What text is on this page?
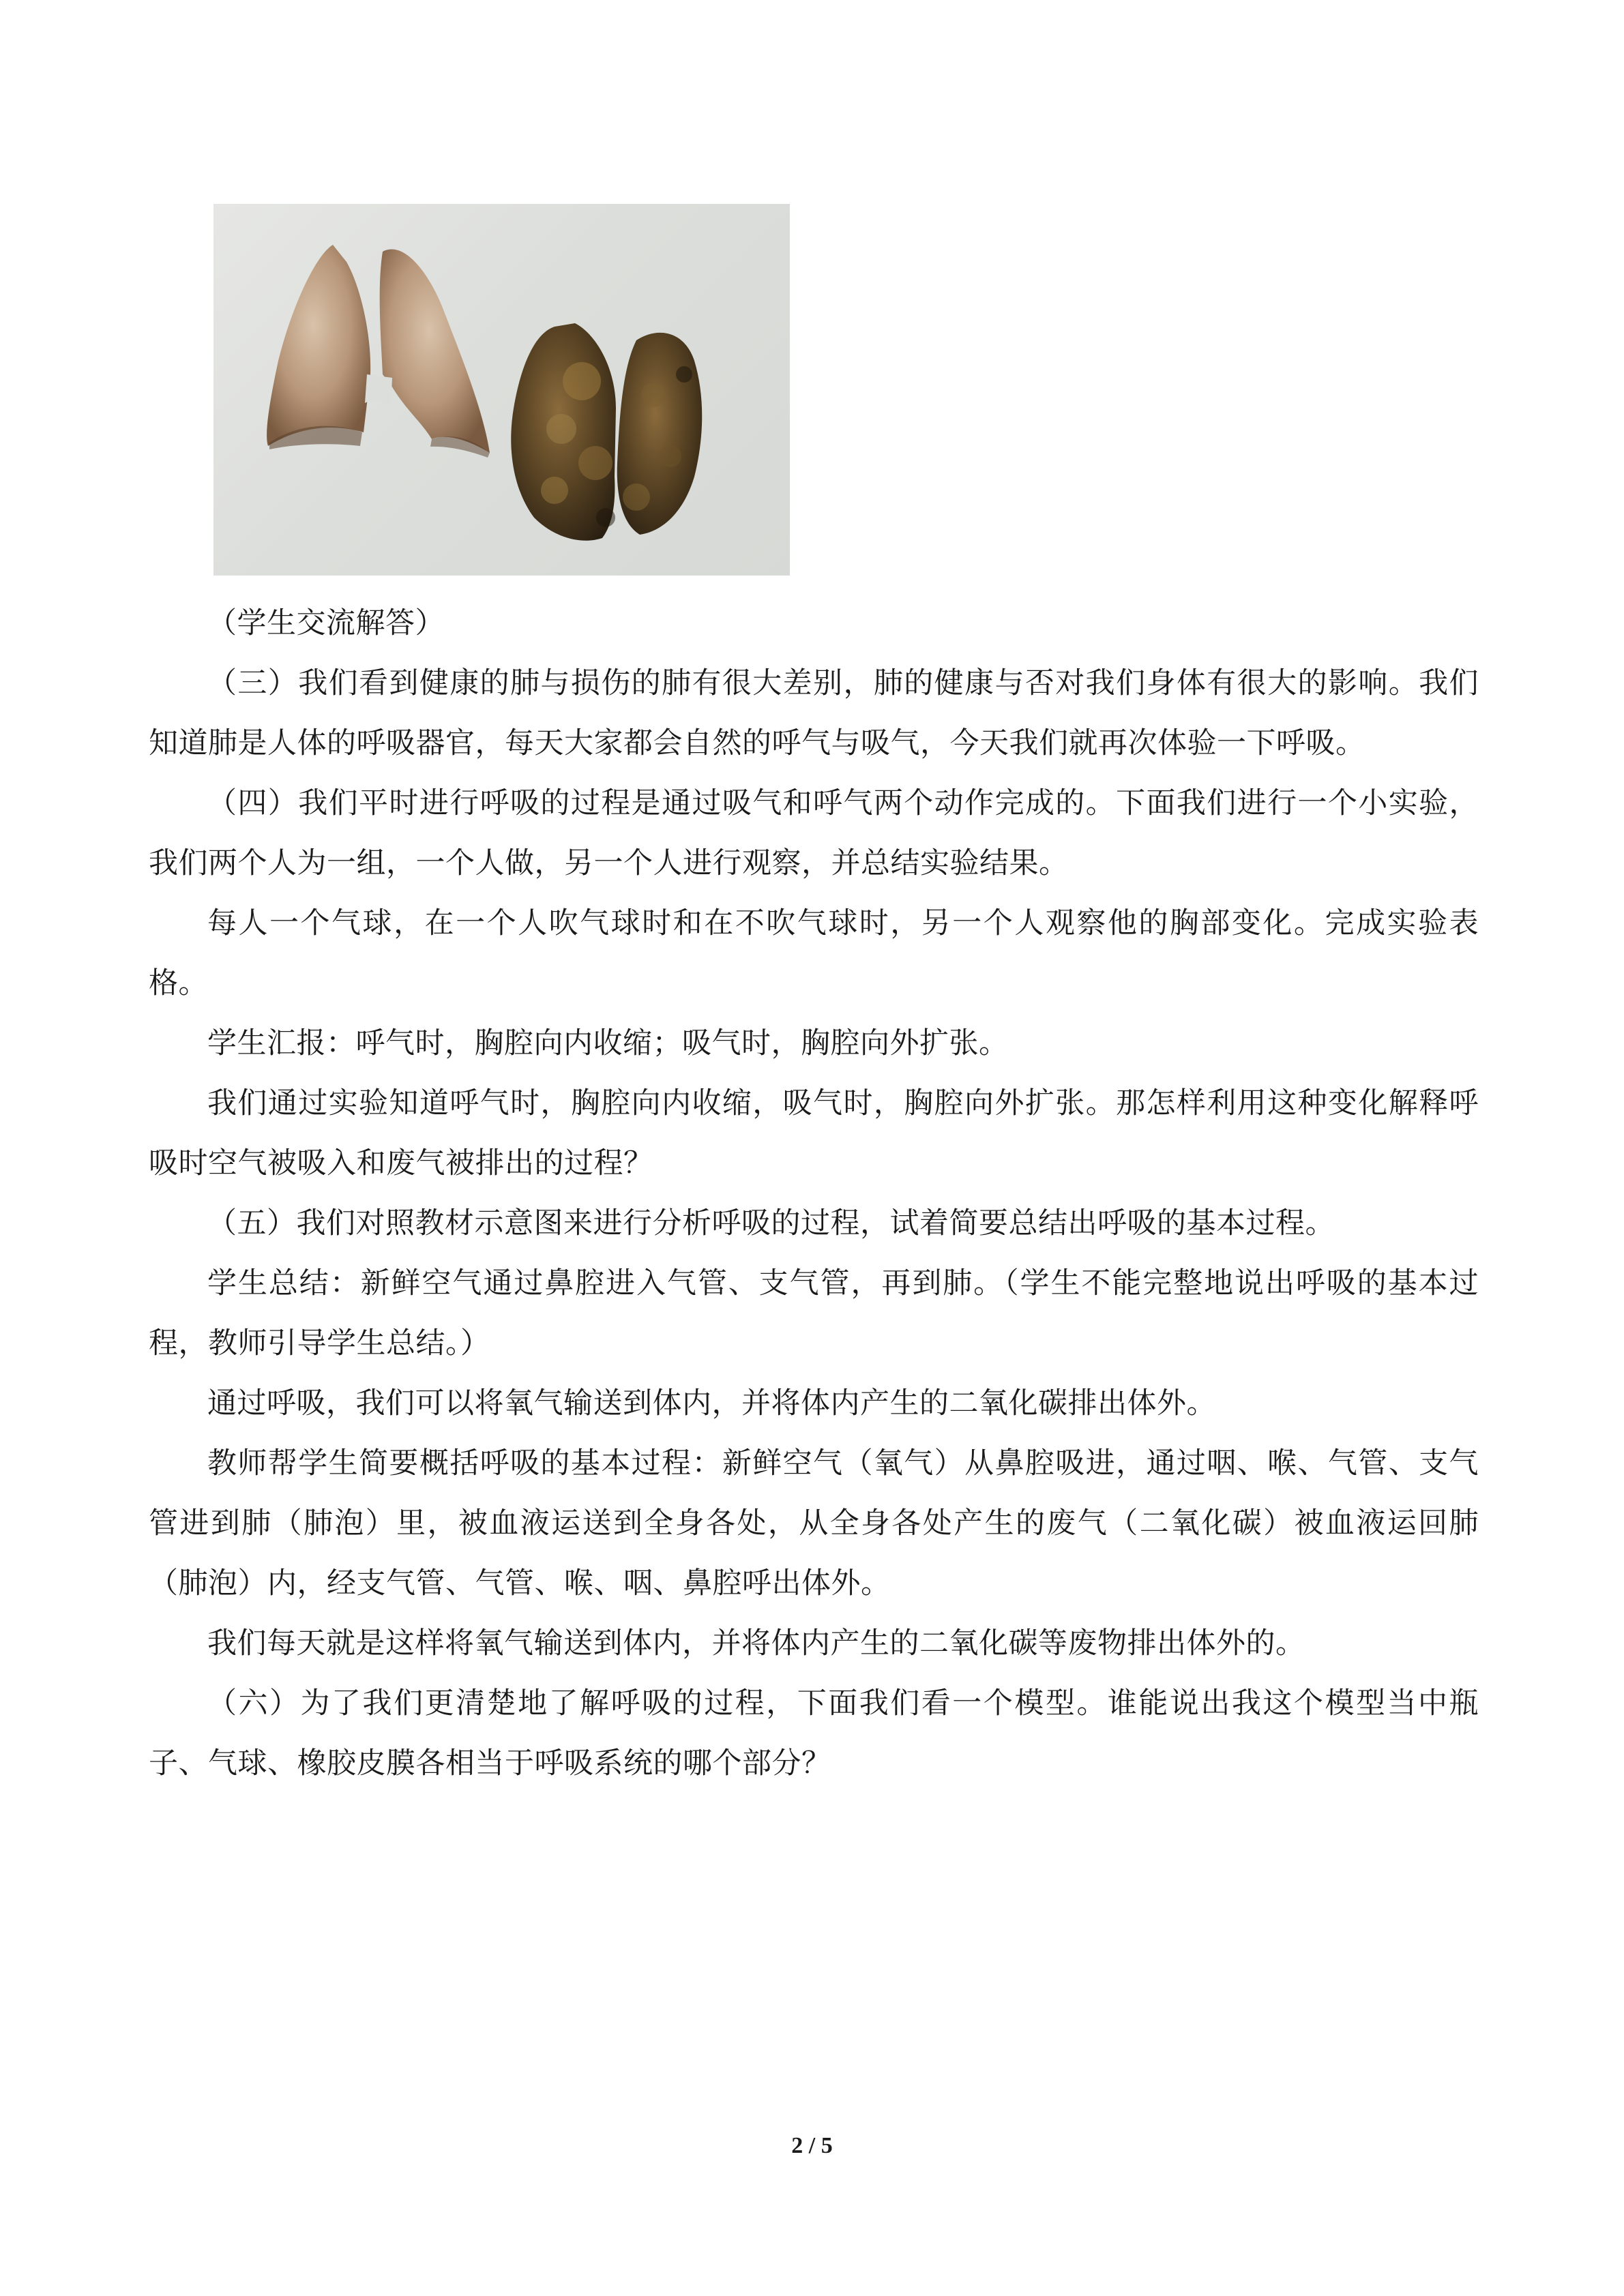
（学生交流解答）

（三）我们看到健康的肺与损伤的肺有很大差别，肺的健康与否对我们身体有很大的影响。我们知道肺是人体的呼吸器官，每天大家都会自然的呼气与吸气，今天我们就再次体验一下呼吸。

（四）我们平时进行呼吸的过程是通过吸气和呼气两个动作完成的。下面我们进行一个小实验，我们两个人为一组，一个人做，另一个人进行观察，并总结实验结果。

每人一个气球，在一个人吹气球时和在不吹气球时，另一个人观察他的胸部变化。完成实验表格。

学生汇报：呼气时，胸腔向内收缩；吸气时，胸腔向外扩张。

我们通过实验知道呼气时，胸腔向内收缩，吸气时，胸腔向外扩张。那怎样利用这种变化解释呼吸时空气被吸入和废气被排出的过程？

（五）我们对照教材示意图来进行分析呼吸的过程，试着简要总结出呼吸的基本过程。

学生总结：新鲜空气通过鼻腔进入气管、支气管，再到肺。（学生不能完整地说出呼吸的基本过程，教师引导学生总结。）

通过呼吸，我们可以将氧气输送到体内，并将体内产生的二氧化碳排出体外。

教师帮学生简要概括呼吸的基本过程：新鲜空气（氧气）从鼻腔吸进，通过咽、喉、气管、支气管进到肺（肺泡）里，被血液运送到全身各处，从全身各处产生的废气（二氧化碳）被血液运回肺（肺泡）内，经支气管、气管、喉、咽、鼻腔呼出体外。

我们每天就是这样将氧气输送到体内，并将体内产生的二氧化碳等废物排出体外的。

（六）为了我们更清楚地了解呼吸的过程，下面我们看一个模型。谁能说出我这个模型当中瓶子、气球、橡胶皮膜各相当于呼吸系统的哪个部分？

2 / 5
